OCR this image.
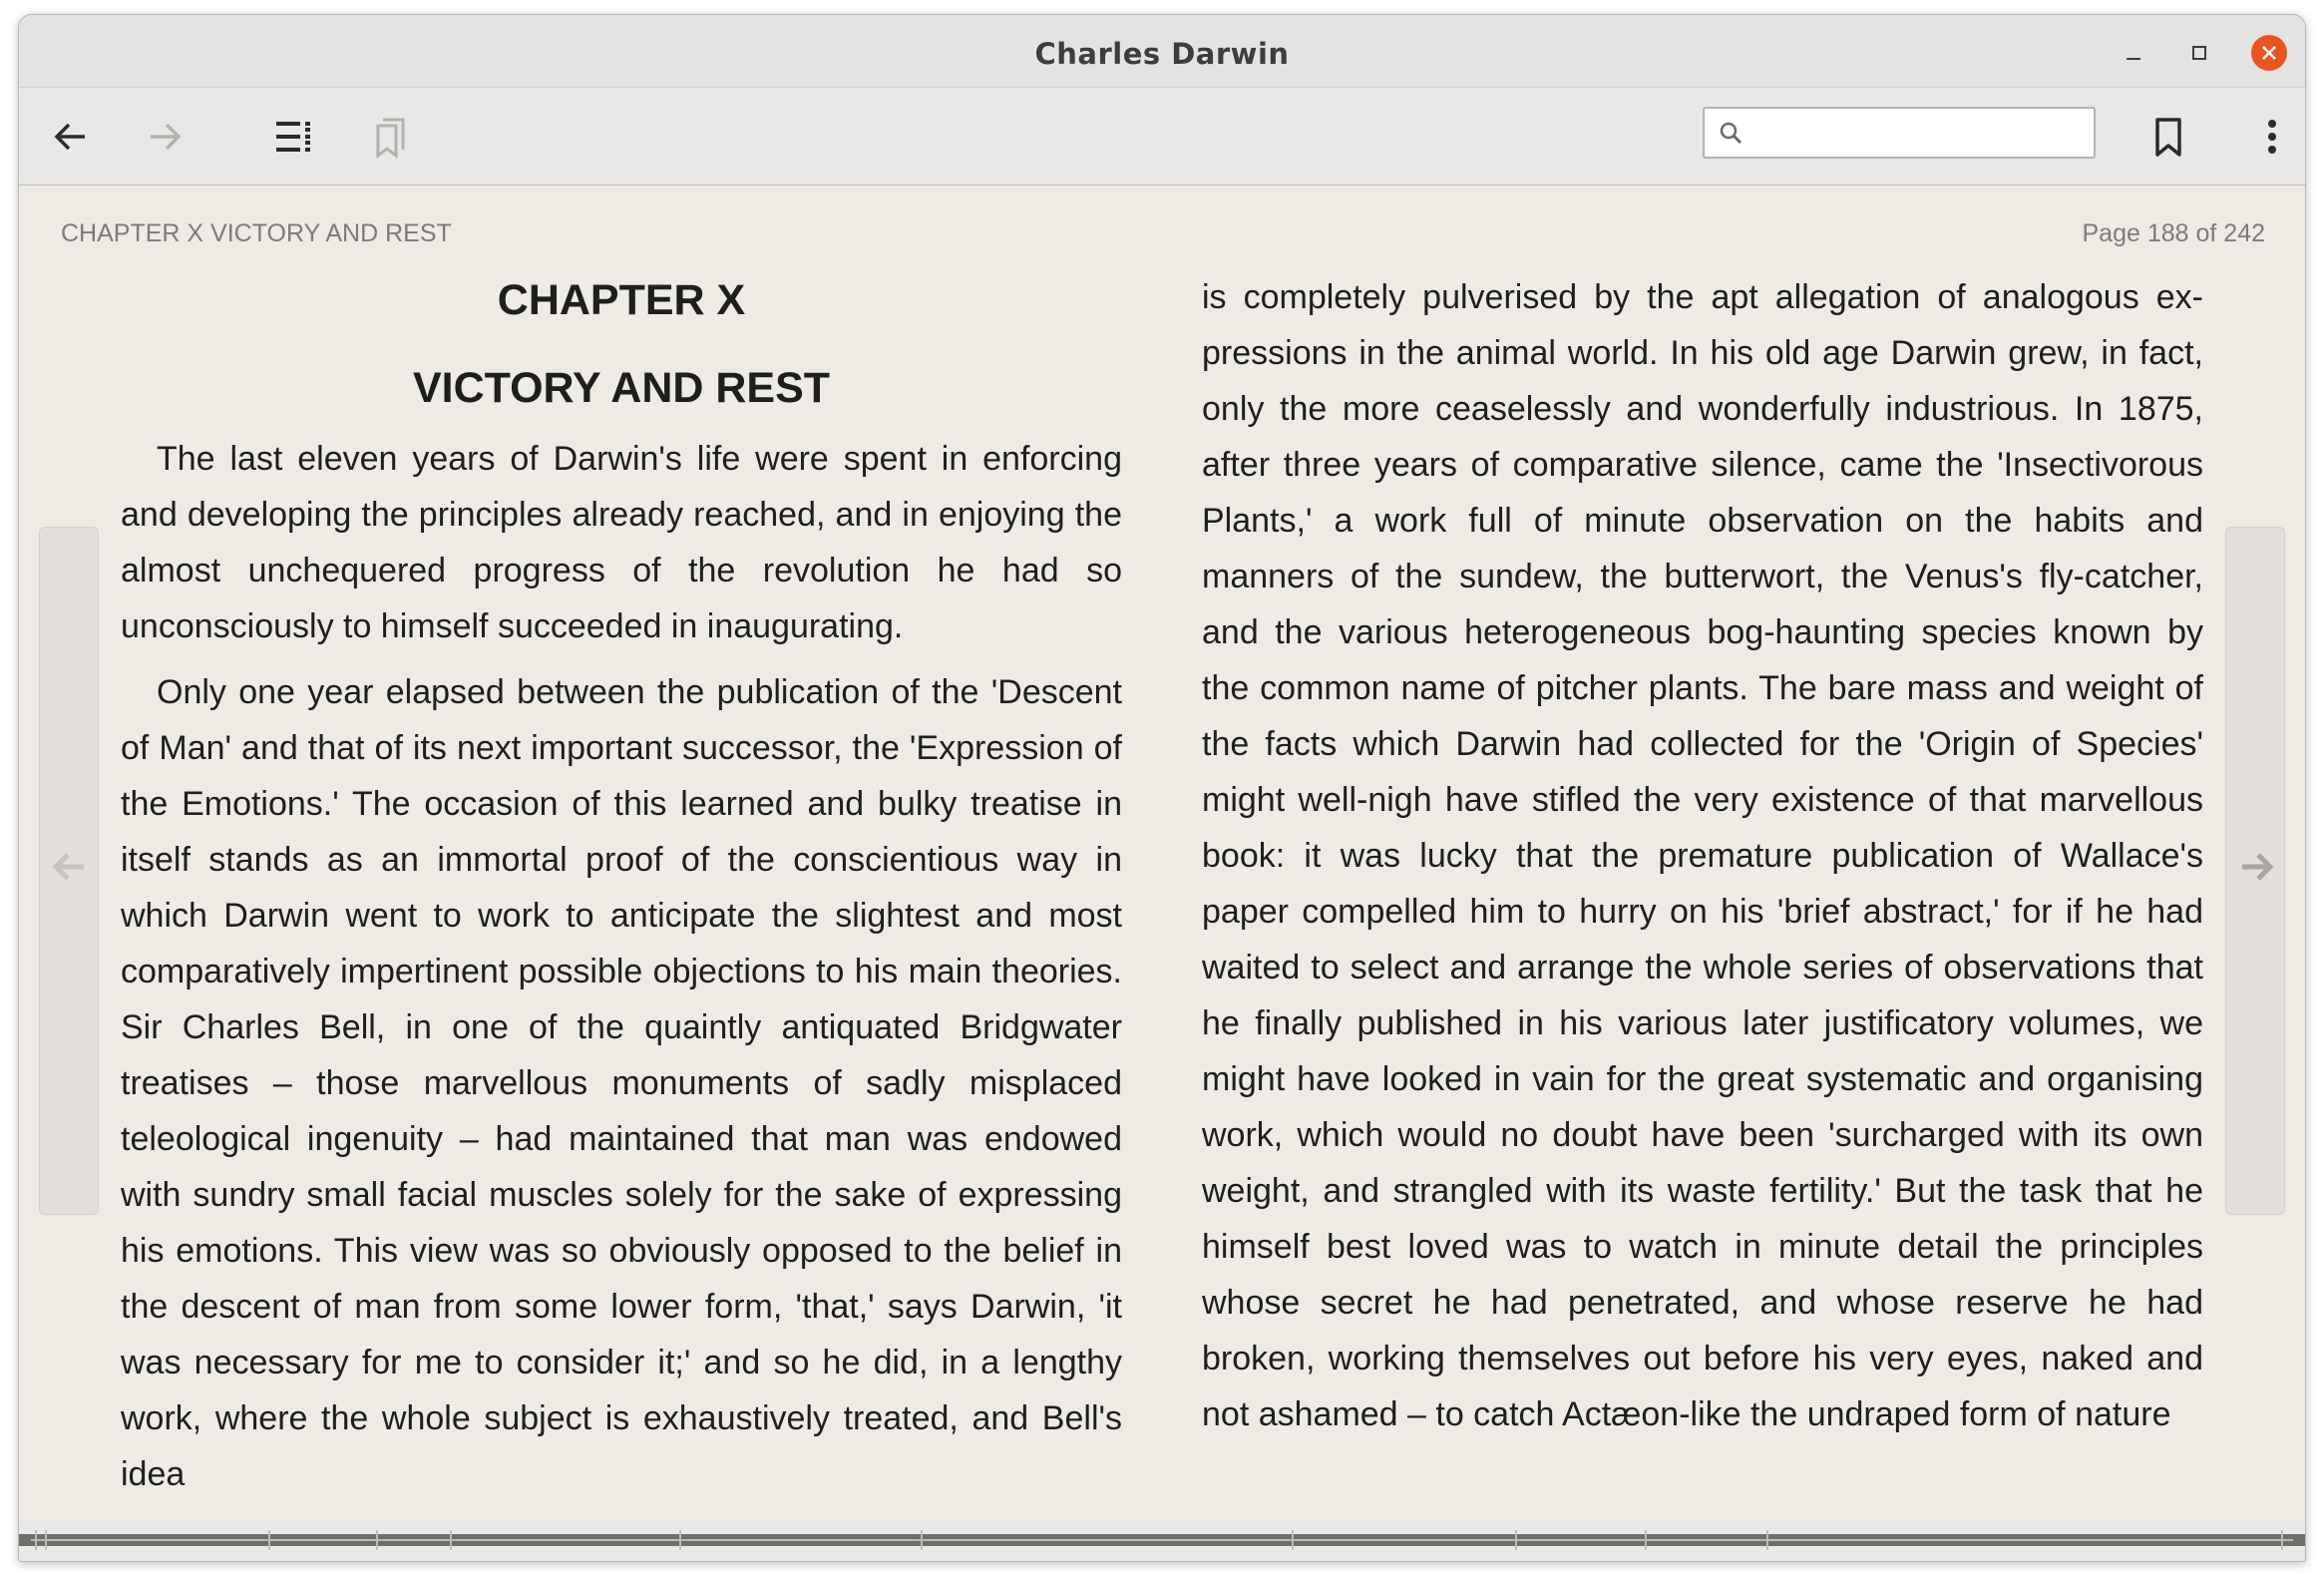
Charles Darwin
CHAPTER X VICTORY AND REST	Page 188 of 242

CHAPTER X

VICTORY AND REST

The last eleven years of Darwin's life were spent in enforcing and developing the principles already reached, and in enjoying the almost unchequered progress of the revolution he had so unconsciously to himself succeeded in inaugurating.

Only one year elapsed between the publication of the 'Descent of Man' and that of its next important successor, the 'Expression of the Emotions.' The occasion of this learned and bulky treatise in itself stands as an immortal proof of the conscientious way in which Darwin went to work to anticipate the slightest and most comparatively impertinent possible objections to his main theories. Sir Charles Bell, in one of the quaintly antiquated Bridgwater treatises – those marvellous monuments of sadly misplaced teleological ingenuity – had maintained that man was endowed with sundry small facial muscles solely for the sake of expressing his emotions. This view was so obviously opposed to the belief in the descent of man from some lower form, 'that,' says Darwin, 'it was necessary for me to consider it;' and so he did, in a lengthy work, where the whole subject is exhaustively treated, and Bell's idea

is completely pulverised by the apt allegation of analogous expressions in the animal world. In his old age Darwin grew, in fact, only the more ceaselessly and wonderfully industrious. In 1875, after three years of comparative silence, came the 'Insectivorous Plants,' a work full of minute observation on the habits and manners of the sundew, the butterwort, the Venus's fly-catcher, and the various heterogeneous bog-haunting species known by the common name of pitcher plants. The bare mass and weight of the facts which Darwin had collected for the 'Origin of Species' might well-nigh have stifled the very existence of that marvellous book: it was lucky that the premature publication of Wallace's paper compelled him to hurry on his 'brief abstract,' for if he had waited to select and arrange the whole series of observations that he finally published in his various later justificatory volumes, we might have looked in vain for the great systematic and organising work, which would no doubt have been 'surcharged with its own weight, and strangled with its waste fertility.' But the task that he himself best loved was to watch in minute detail the principles whose secret he had penetrated, and whose reserve he had broken, working themselves out before his very eyes, naked and not ashamed – to catch Actæon-like the undraped form of nature
